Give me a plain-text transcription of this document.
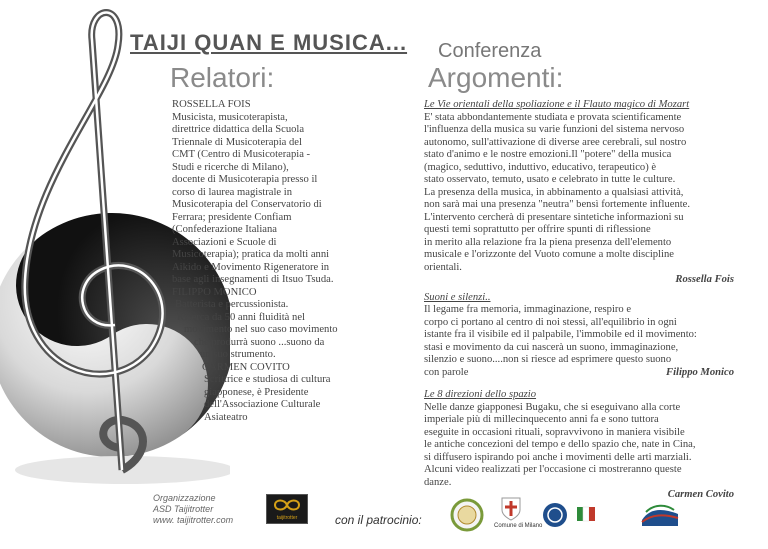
TAIJI QUAN E MUSICA... Conferenza
Relatori:	Argomenti:
ROSSELLA FOIS
Musicista, musicoterapista,
direttrice didattica della Scuola
Triennale di Musicoterapia del
CMT (Centro di Musicoterapia -
Studi e ricerche di Milano),
docente di Musicoterapia presso il
corso di laurea magistrale in
Musicoterapia del Conservatorio di
Ferrara; presidente Confiam
(Confederazione Italiana
Associazioni e Scuole di
Musicoterapia); pratica da molti anni
Aikido e Movimento Rigeneratore in
base agli insegnamenti di Itsuo Tsuda.
FILIPPO MONICO
Batterista e percussionista.
Ricerca da 50 anni fluidità nel
movimento nel suo caso movimento
che produrrà suono ...suono da
un suo strumento.
CARMEN COVITO
Scrittrice e studiosa di cultura
giapponese, è Presidente
dell'Associazione Culturale
Asiateatro
Le Vie orientali della spoliazione e il Flauto magico di Mozart
E' stata abbondantemente studiata e provata scientificamente
l'influenza della musica su varie funzioni del sistema nervoso
autonomo, sull'attivazione di diverse aree cerebrali, sul nostro
stato d'animo e le nostre emozioni.Il "potere" della musica
(magico, seduttivo, induttivo, educativo, terapeutico) è
stato osservato, temuto, usato e celebrato in tutte le culture.
La presenza della musica, in abbinamento a qualsiasi attività,
non sarà mai una presenza "neutra" bensì fortemente influente.
L'intervento cercherà di presentare sintetiche informazioni su
questi temi soprattutto per offrire spunti di riflessione
in merito alla relazione fra la piena presenza dell'elemento
musicale e l'orizzonte del Vuoto comune a molte discipline
orientali.
Rossella Fois
Suoni e silenzi..
Il legame fra memoria, immaginazione, respiro e
corpo ci portano al centro di noi stessi, all'equilibrio in ogni
istante fra il visibile ed il palpabile, l'immobile ed il movimento:
stasi e movimento da cui nascerà un suono, immaginazione,
silenzio e suono....non si riesce ad esprimere questo suono
con parole	Filippo Monico
Le 8 direzioni dello spazio
Nelle danze giapponesi Bugaku, che si eseguivano alla corte
imperiale più di millecinquecento anni fa e sono tuttora
eseguite in occasioni rituali, sopravvivono in maniera visibile
le antiche concezioni del tempo e dello spazio che, nate in Cina,
si diffusero ispirando poi anche i movimenti delle arti marziali.
Alcuni video realizzati per l'occasione ci mostreranno queste
danze.
Carmen Covito
Organizzazione
ASD Taijitrotter
www. taijitrotter.com	taijitrotter	con il patrocinio:	Comune di Milano
